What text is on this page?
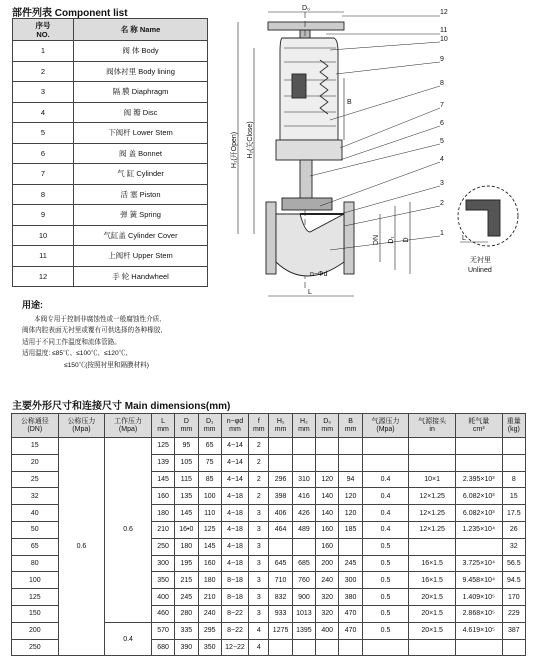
部件列表 Component list
序号
NO.	名 称 Name
1	阀 体 Body
2	阀体衬里 Body lining
3	隔 膜 Diaphragm
4	阀 瓣 Disc
5	下阀杆 Lower Stem
6	阀 盖 Bonnet
7	气 缸 Cylinder
8	活 塞 Piston
9	弹 簧 Spring
10	气缸盖 Cylinder Cover
11	上阀杆 Upper Stem
12	手 轮 Handwheel
用途:
本阀专用于控制非腐蚀性或一般腐蚀性介质,
阀体内腔表面无衬里或覆有可供选择的各种橡胶,
适用于不同工作温度和流体管路。
适用温度: ≤85℃、≤100℃、≤120℃、
≤150℃(按照衬里和隔膜材料)
D₀
12
11
10
9
8
7
6
5
4
3
2
1
B
L
H₁(开Open) H₂(关Close)
DN D₁ D
n−Φd
L
无衬里
Unlined
主要外形尺寸和连接尺寸 Main dimensions(mm)
公称通径
(DN)	公称压力
(Mpa)	工作压力
(Mpa)	L
mm	D
mm	D₁
mm	n−φd
mm	f
mm	H₁
mm	H₂
mm	D₀
mm	B
mm	气源压力
(Mpa)	气源接头
in	耗气量
cm³	重量
(kg)
15	0.6	0.6	125	95	65	4−14	2								
20			139	105	75	4−14	2								
25			145	115	85	4−14	2	296	310	120	94	0.4	10×1	2.395×10³	8
32			160	135	100	4−18	2	398	416	140	120	0.4	12×1.25	6.082×10³	15
40			180	145	110	4−18	3	406	426	140	120	0.4	12×1.25	6.082×10³	17.5
50			210	16•0	125	4−18	3	464	489	160	185	0.4	12×1.25	1.235×10⁴	26
65			250	180	145	4−18	3			160		0.5			32
80			300	195	160	4−18	3	645	685	200	245	0.5	16×1.5	3.725×10⁴	56.5
100			350	215	180	8−18	3	710	760	240	300	0.5	16×1.5	9.458×10⁴	94.5
125			400	245	210	8−18	3	832	900	320	380	0.5	20×1.5	1.409×10⁵	170
150			460	280	240	8−22	3	933	1013	320	470	0.5	20×1.5	2.868×10⁵	229
200		0.4	570	335	295	8−22	4	1275	1395	400	470	0.5	20×1.5	4.619×10⁵	387
250			680	390	350	12−22	4								
